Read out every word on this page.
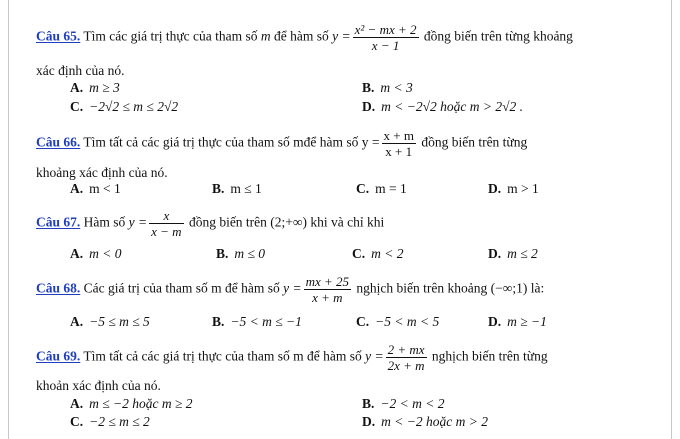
Câu 65. Tìm các giá trị thực của tham số m để hàm số $y = \frac{\text{x² − mx + 2}}{x - 1}$ đồng biến trên từng khoảng
xác định của nó.
A. m ≥ 3	B. m < 3
C. −2√2 ≤ m ≤ 2√2	D. m < −2√2 hoặc m > 2√2 .
Câu 66. Tìm tất cả các giá trị thực của tham số mđể hàm số $y = \frac{x + m}{x + 1}$ đồng biến trên từng
khoảng xác định của nó.
A. m < 1	B. m ≤ 1	C. m = 1	D. m > 1
Câu 67. Hàm số $y = \frac{x}{x - m}$ đồng biến trên (2;+∞) khi và chỉ khi
A. m < 0	B. m ≤ 0	C. m < 2	D. m ≤ 2
Câu 68. Các giá trị của tham số m để hàm số $y = \frac{mx + 25}{x + m}$ nghịch biến trên khoảng (−∞;1) là:
A. −5 ≤ m ≤ 5	B. −5 < m ≤ −1	C. −5 < m < 5	D. m ≥ −1
Câu 69. Tìm tất cả các giá trị thực của tham số m để hàm số $y = \frac{2 + mx}{2x + m}$ nghịch biến trên từng
khoản xác định của nó.
A. m ≤ −2 hoặc m ≥ 2	B. −2 < m < 2
C. −2 ≤ m ≤ 2	D. m < −2 hoặc m > 2
